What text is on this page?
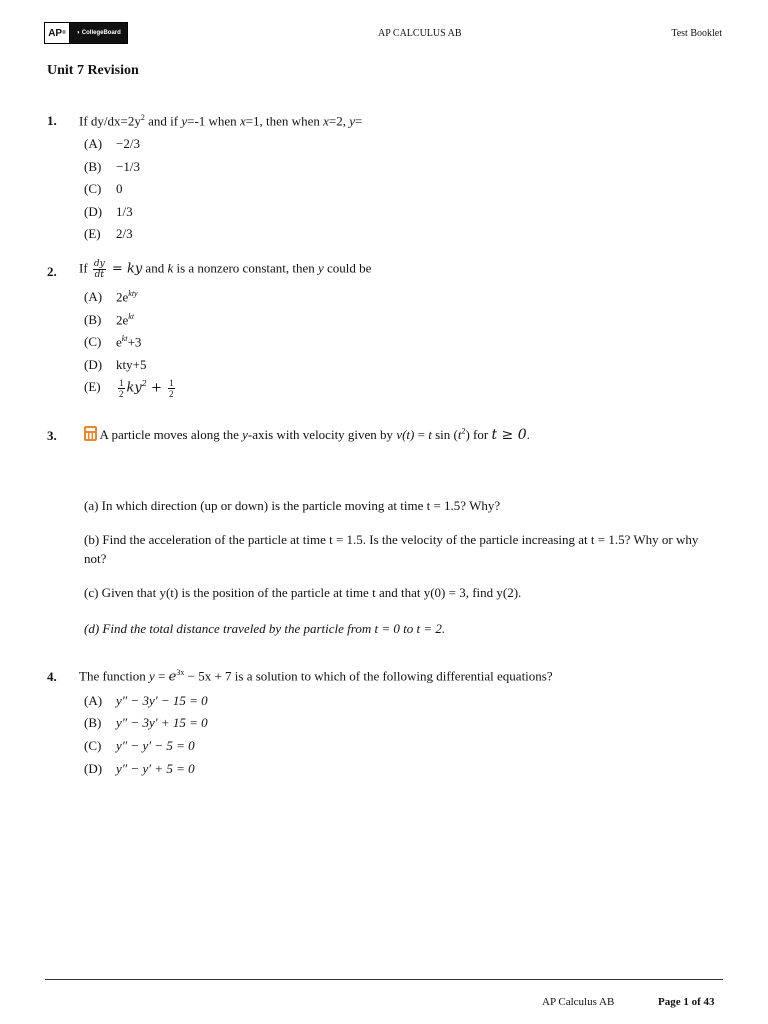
AP ® ◑ CollegeBoard	AP CALCULUS AB	Test Booklet
Unit 7 Revision
1. If $dy/dx=2y^2$ and if y=-1 when x=1, then when x=2, y=
(A) −2/3
(B) −1/3
(C) 0
(D) 1/3
(E) 2/3
2. If $\frac{dy}{dt}$ = ky and k is a nonzero constant, then y could be
(A) $2e^{kty}$
(B) $2e^{kt}$
(C) $e^{kt}+3$
(D) kty+5
$(E) \frac{1}{2} ky^2 + \frac{1}{2}$
3.	A particle moves along the y-axis with velocity given by v(t) = t $\sin (t^2)$ for t ≥ 0.
(a) In which direction (up or down) is the particle moving at time t = 1.5? Why?
(b) Find the acceleration of the particle at time t = 1.5. Is the velocity of the particle increasing at t = 1.5? Why or why not?
(c) Given that y(t) is the position of the particle at time t and that y(0) = 3, find y(2).
(d) Find the total distance traveled by the particle from t = 0 to t = 2.
4. The function $y = e^{3x} - 5x + 7$ is a solution to which of the following differential equations?
(A) y″ − 3y′ − 15 = 0
(B) y″ − 3y′ + 15 = 0
(C) y″ − y′ − 5 = 0
(D) y″ − y′ + 5 = 0
AP Calculus AB	Page 1 of 43
